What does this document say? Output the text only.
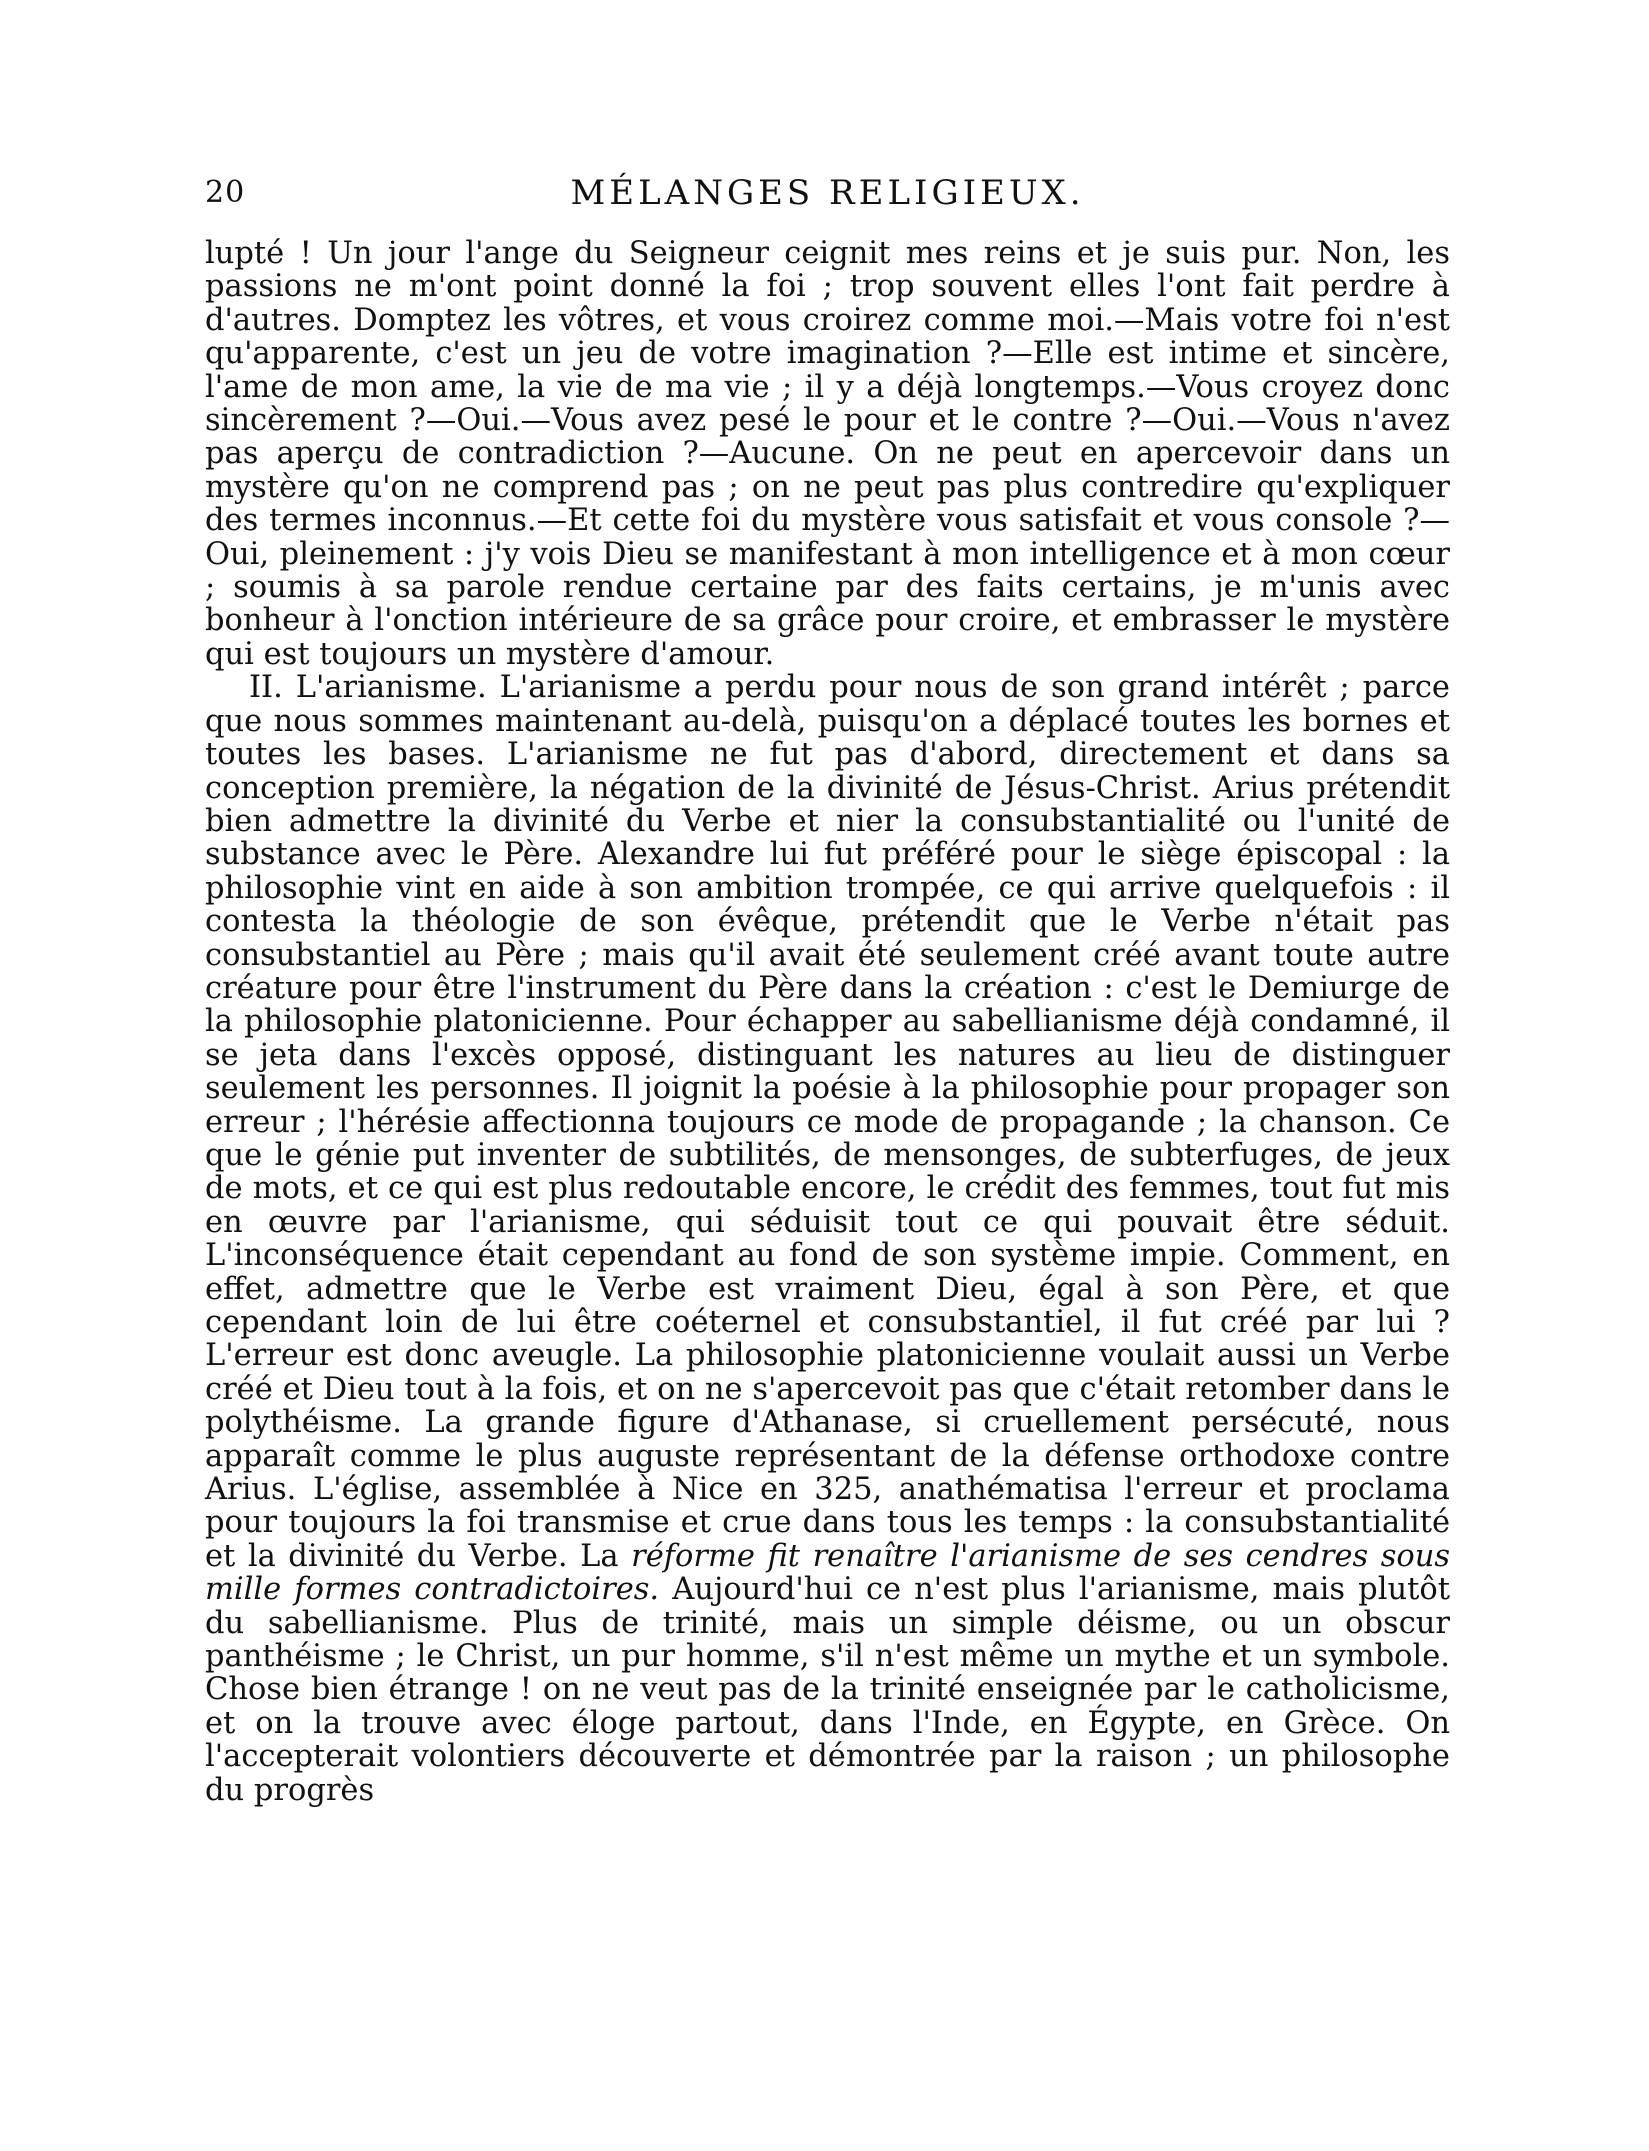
20	MÉLANGES RELIGIEUX.

lupté ! Un jour l'ange du Seigneur ceignit mes reins et je suis pur. Non, les passions ne m'ont point donné la foi ; trop souvent elles l'ont fait perdre à d'autres. Domptez les vôtres, et vous croirez comme moi.—Mais votre foi n'est qu'apparente, c'est un jeu de votre imagination ?—Elle est intime et sincère, l'ame de mon ame, la vie de ma vie ; il y a déjà longtemps.—Vous croyez donc sincèrement ?—Oui.—Vous avez pesé le pour et le contre ?—Oui.—Vous n'avez pas aperçu de contradiction ?—Aucune. On ne peut en apercevoir dans un mystère qu'on ne comprend pas ; on ne peut pas plus contredire qu'expliquer des termes inconnus.—Et cette foi du mystère vous satisfait et vous console ?—Oui, pleinement : j'y vois Dieu se manifestant à mon intelligence et à mon cœur ; soumis à sa parole rendue certaine par des faits certains, je m'unis avec bonheur à l'onction intérieure de sa grâce pour croire, et embrasser le mystère qui est toujours un mystère d'amour.

II. L'arianisme. L'arianisme a perdu pour nous de son grand intérêt ; parce que nous sommes maintenant au-delà, puisqu'on a déplacé toutes les bornes et toutes les bases. L'arianisme ne fut pas d'abord, directement et dans sa conception première, la négation de la divinité de Jésus-Christ. Arius prétendit bien admettre la divinité du Verbe et nier la consubstantialité ou l'unité de substance avec le Père. Alexandre lui fut préféré pour le siège épiscopal : la philosophie vint en aide à son ambition trompée, ce qui arrive quelquefois : il contesta la théologie de son évêque, prétendit que le Verbe n'était pas consubstantiel au Père ; mais qu'il avait été seulement créé avant toute autre créature pour être l'instrument du Père dans la création : c'est le Demiurge de la philosophie platonicienne. Pour échapper au sabellianisme déjà condamné, il se jeta dans l'excès opposé, distinguant les natures au lieu de distinguer seulement les personnes. Il joignit la poésie à la philosophie pour propager son erreur ; l'hérésie affectionna toujours ce mode de propagande ; la chanson. Ce que le génie put inventer de subtilités, de mensonges, de subterfuges, de jeux de mots, et ce qui est plus redoutable encore, le crédit des femmes, tout fut mis en œuvre par l'arianisme, qui séduisit tout ce qui pouvait être séduit. L'inconséquence était cependant au fond de son système impie. Comment, en effet, admettre que le Verbe est vraiment Dieu, égal à son Père, et que cependant loin de lui être coéternel et consubstantiel, il fut créé par lui ? L'erreur est donc aveugle. La philosophie platonicienne voulait aussi un Verbe créé et Dieu tout à la fois, et on ne s'apercevoit pas que c'était retomber dans le polythéisme. La grande figure d'Athanase, si cruellement persécuté, nous apparaît comme le plus auguste représentant de la défense orthodoxe contre Arius. L'église, assemblée à Nice en 325, anathématisa l'erreur et proclama pour toujours la foi transmise et crue dans tous les temps : la consubstantialité et la divinité du Verbe. La réforme fit renaître l'arianisme de ses cendres sous mille formes contradictoires. Aujourd'hui ce n'est plus l'arianisme, mais plutôt du sabellianisme. Plus de trinité, mais un simple déisme, ou un obscur panthéisme ; le Christ, un pur homme, s'il n'est même un mythe et un symbole. Chose bien étrange ! on ne veut pas de la trinité enseignée par le catholicisme, et on la trouve avec éloge partout, dans l'Inde, en Égypte, en Grèce. On l'accepterait volontiers découverte et démontrée par la raison ; un philosophe du progrès
